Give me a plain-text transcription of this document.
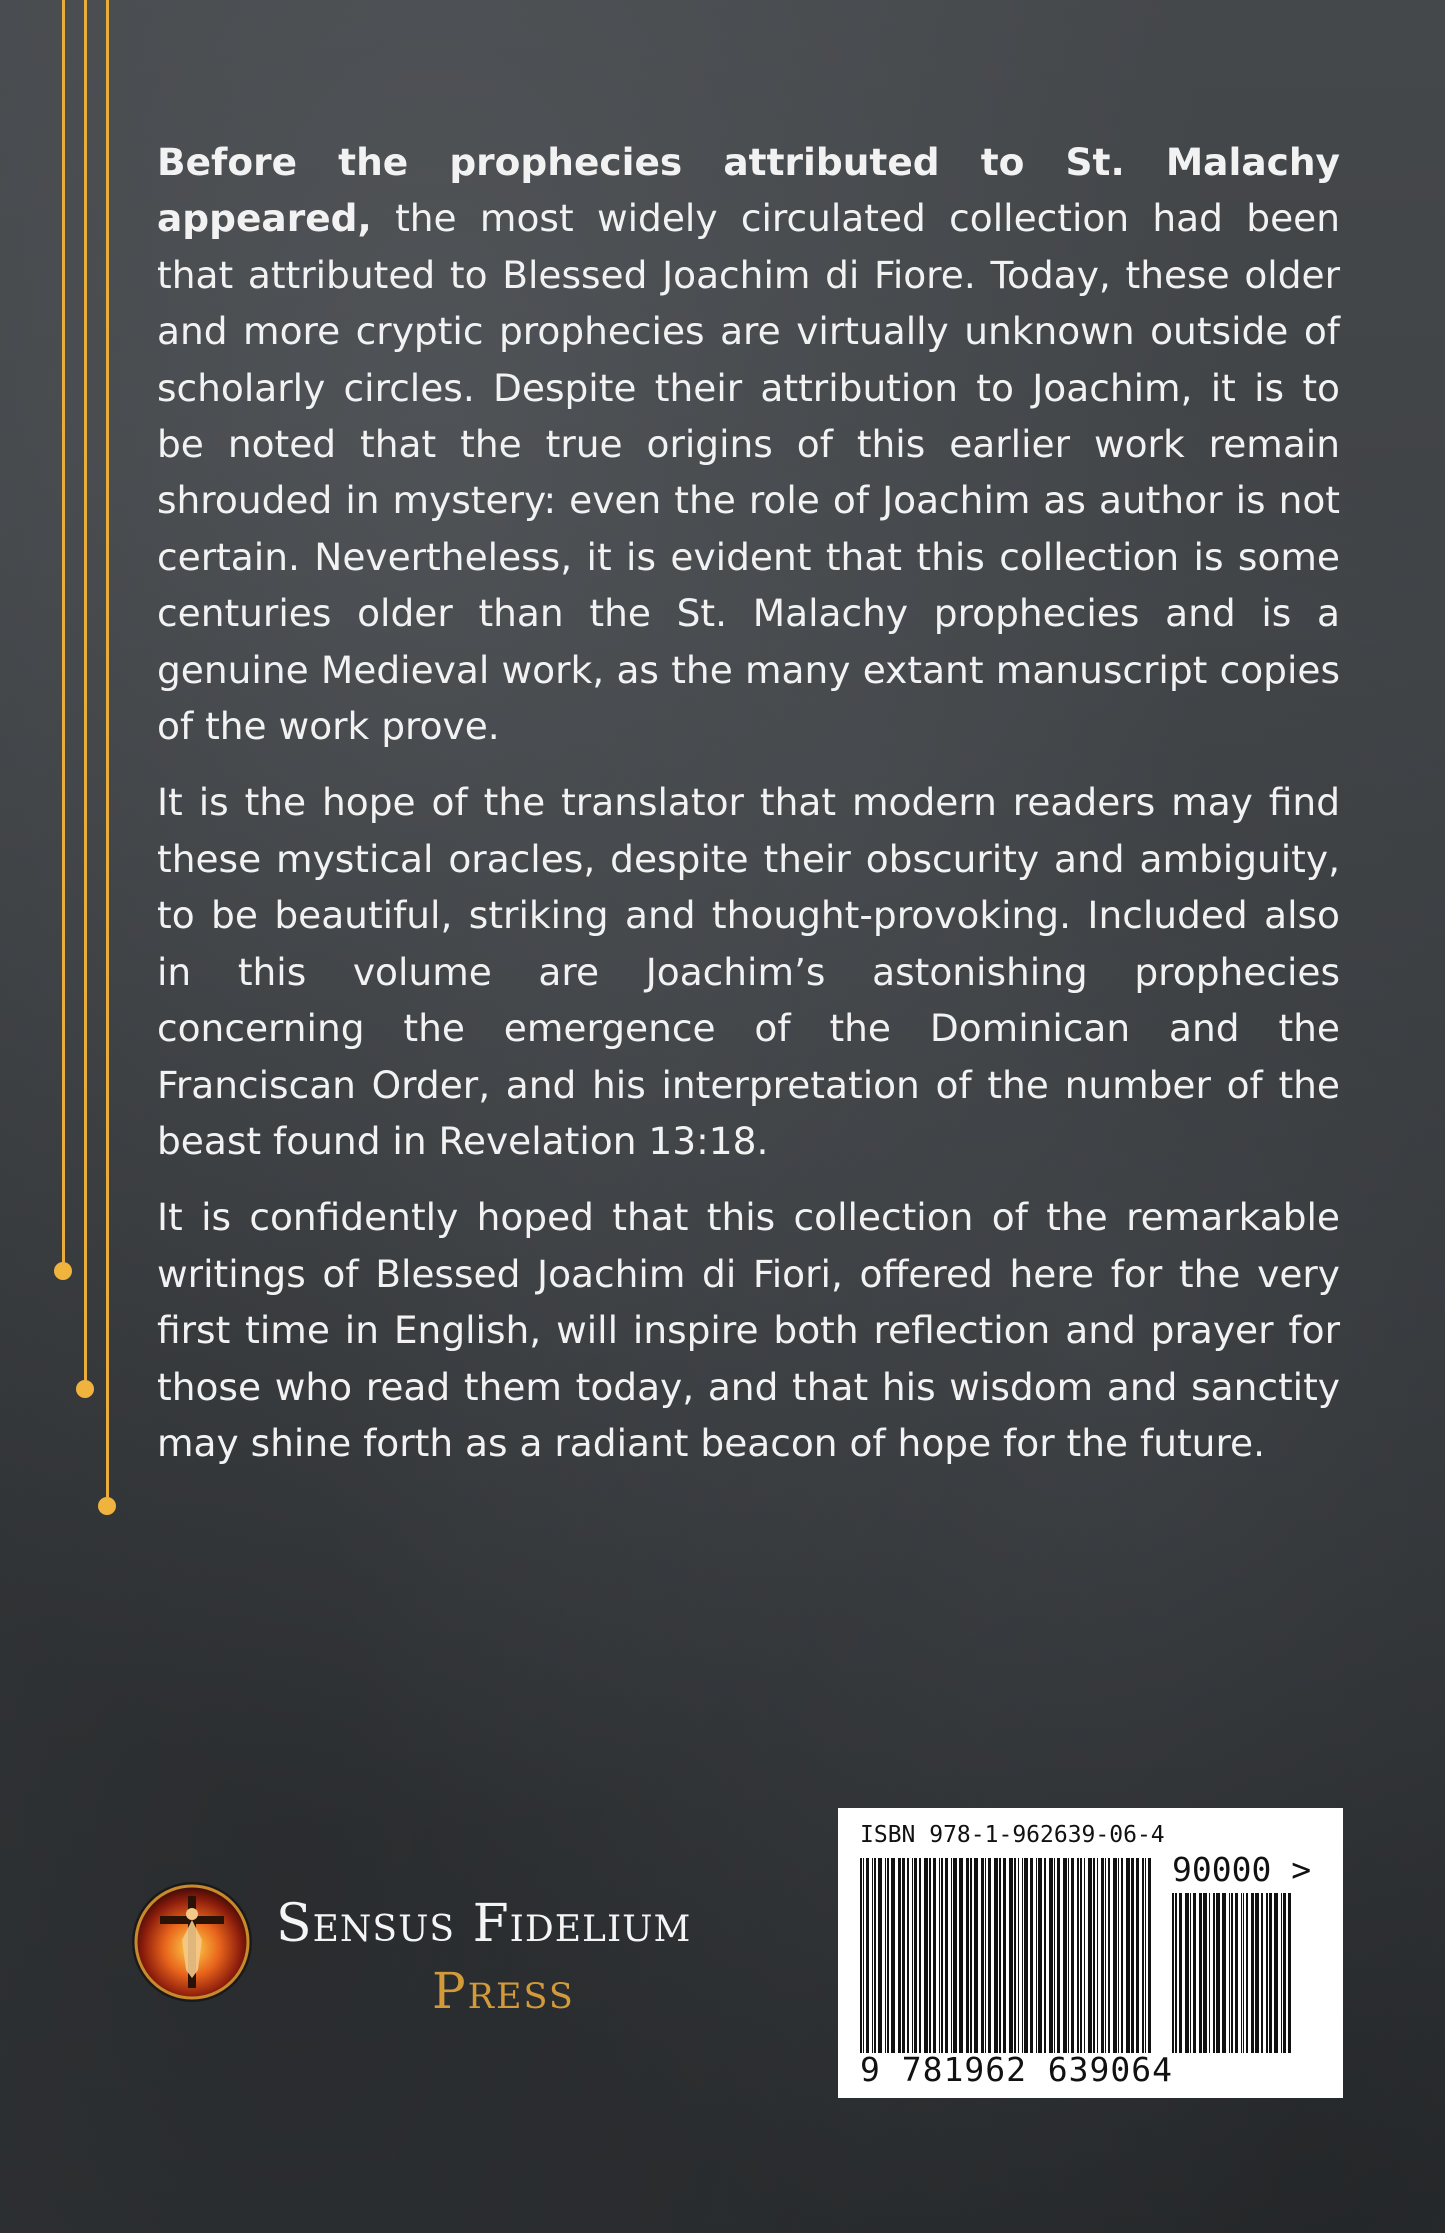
Before the prophecies attributed to St. Malachy appeared, the most widely circulated collection had been that attributed to Blessed Joachim di Fiore. Today, these older and more cryptic prophecies are virtually unknown outside of scholarly circles. Despite their attribution to Joachim, it is to be noted that the true origins of this earlier work remain shrouded in mystery: even the role of Joachim as author is not certain. Nevertheless, it is evident that this collection is some centuries older than the St. Malachy prophecies and is a genuine Medieval work, as the many extant manuscript copies of the work prove.

It is the hope of the translator that modern readers may find these mystical oracles, despite their obscurity and ambiguity, to be beautiful, striking and thought-provoking. Included also in this volume are Joachim’s astonishing prophecies concerning the emergence of the Dominican and the Franciscan Order, and his interpretation of the number of the beast found in Revelation 13:18.

It is confidently hoped that this collection of the remarkable writings of Blessed Joachim di Fiori, offered here for the very first time in English, will inspire both reflection and prayer for those who read them today, and that his wisdom and sanctity may shine forth as a radiant beacon of hope for the future.

Sensus Fidelium
Press
ISBN 978-1-962639-06-4
90000 >
9 781962 639064
